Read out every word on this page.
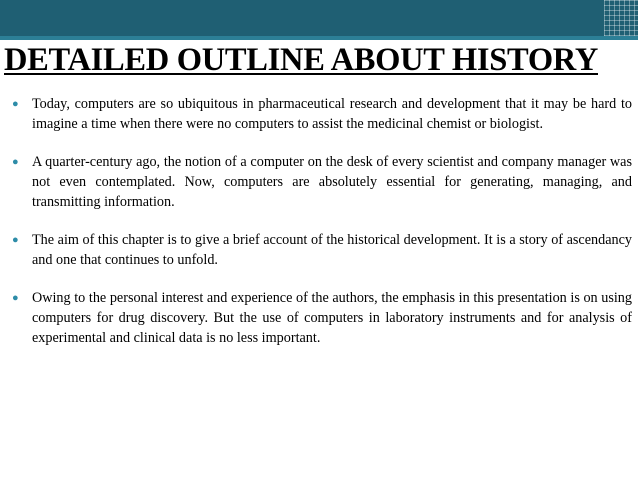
DETAILED OUTLINE ABOUT HISTORY
● Today, computers are so ubiquitous in pharmaceutical research and development that it may be hard to imagine a time when there were no computers to assist the medicinal chemist or biologist.
● A quarter-century ago, the notion of a computer on the desk of every scientist and company manager was not even contemplated. Now, computers are absolutely essential for generating, managing, and transmitting information.
● The aim of this chapter is to give a brief account of the historical development. It is a story of ascendancy and one that continues to unfold.
● Owing to the personal interest and experience of the authors, the emphasis in this presentation is on using computers for drug discovery. But the use of computers in laboratory instruments and for analysis of experimental and clinical data is no less important.
